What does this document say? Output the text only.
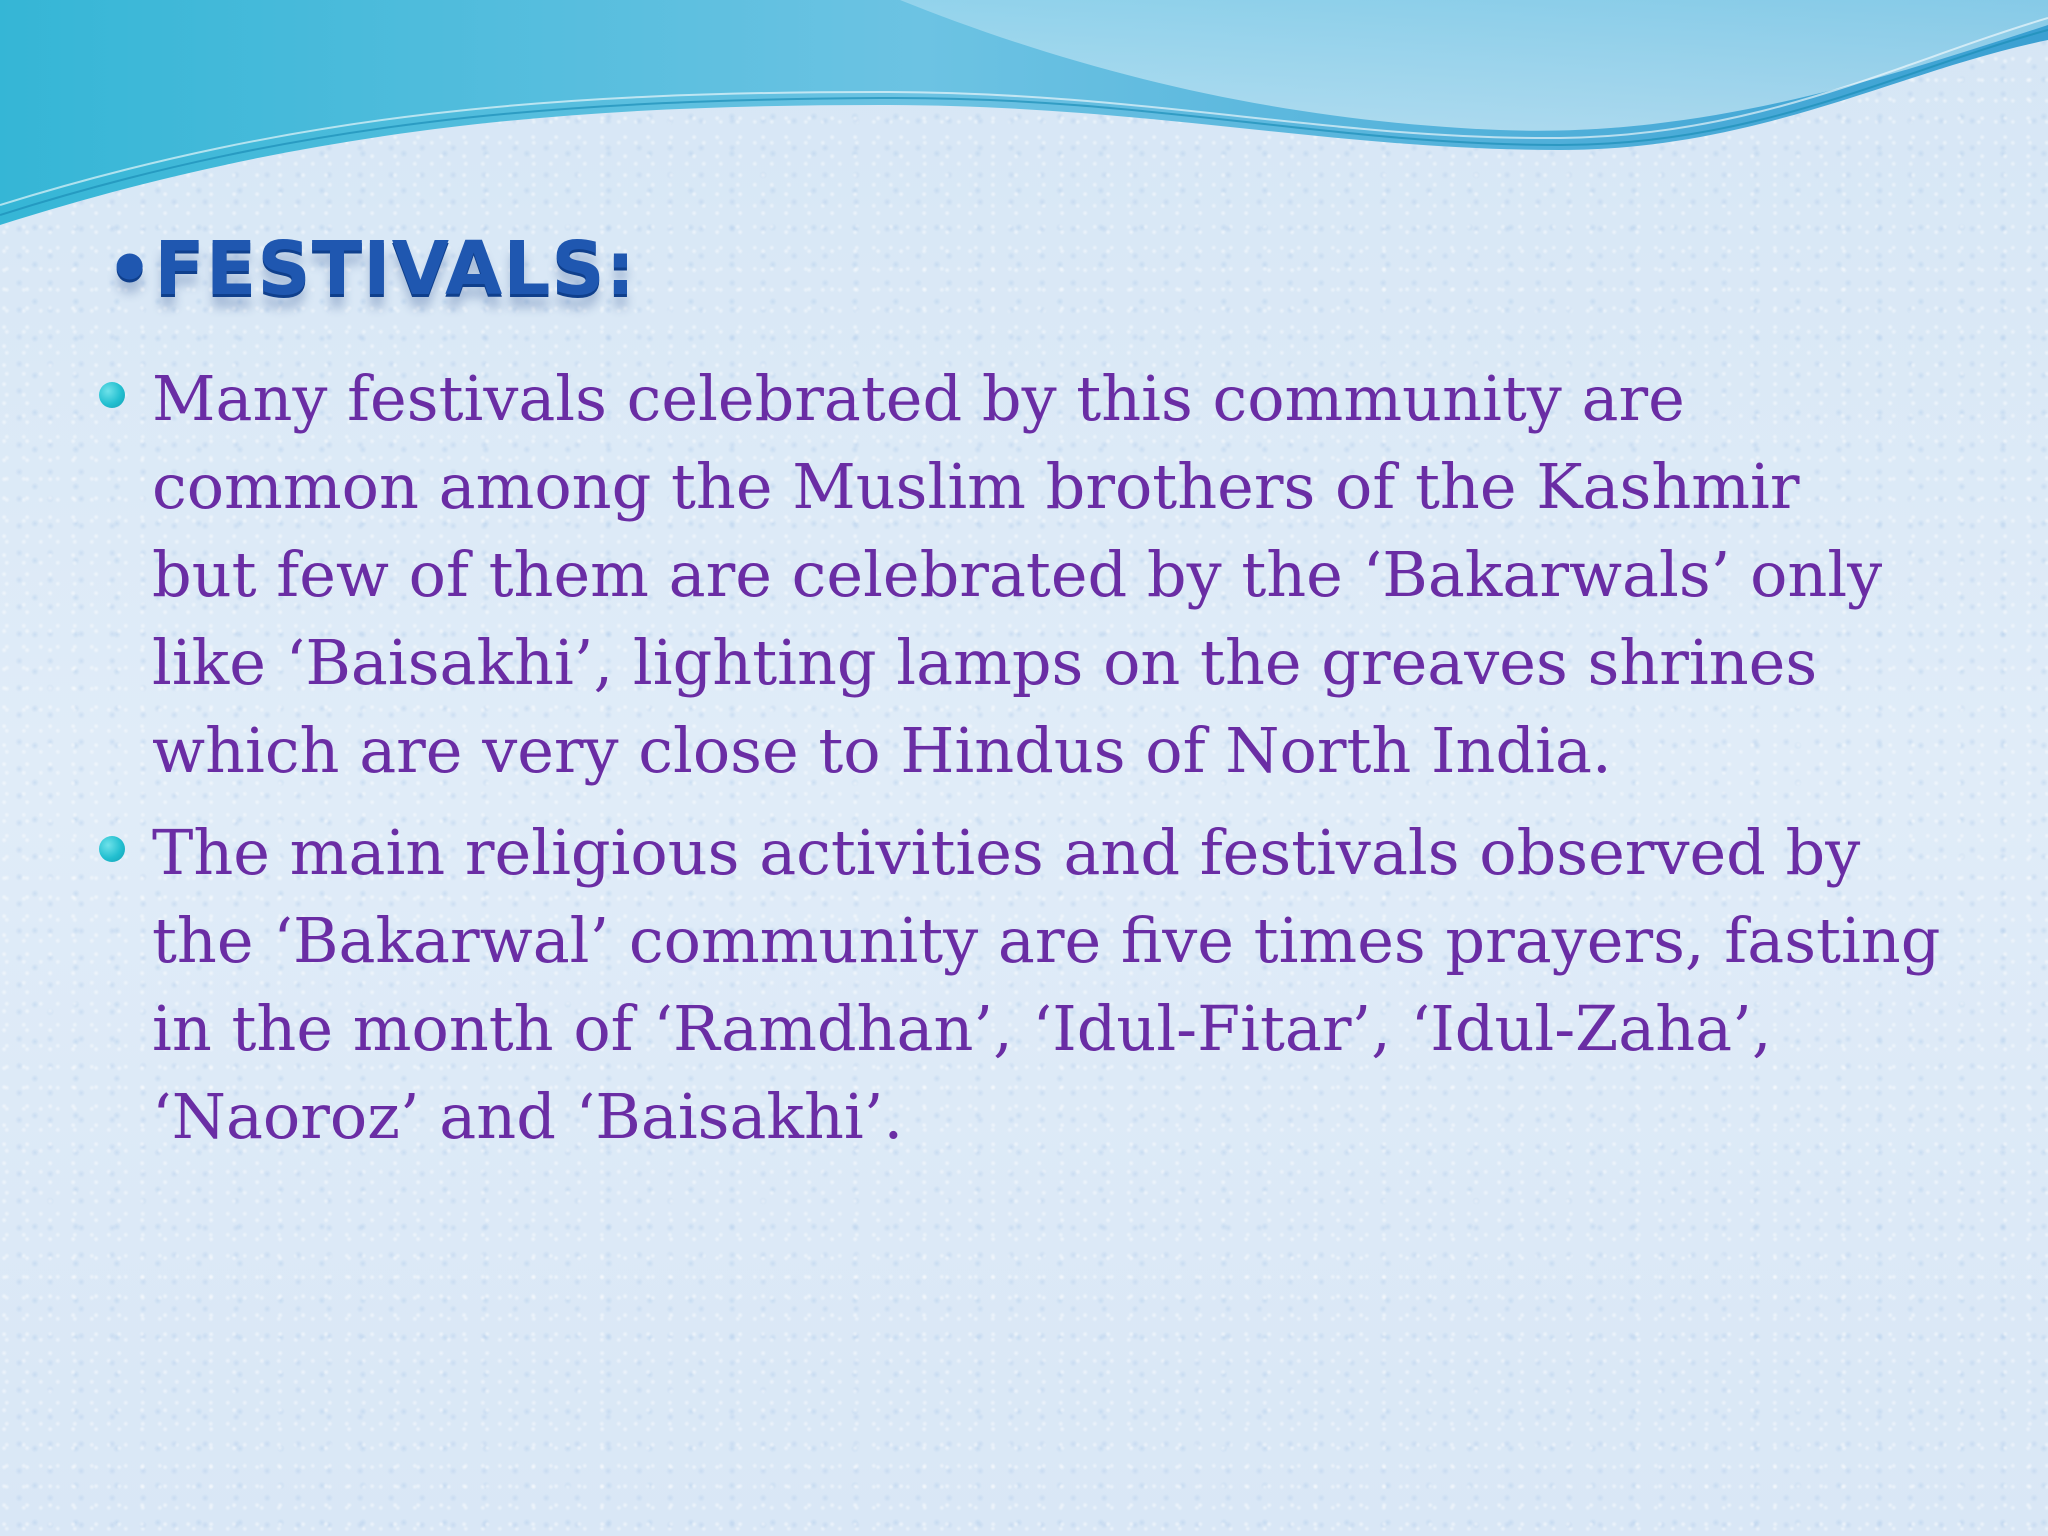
•FESTIVALS:
Many festivals celebrated by this community are
common among the Muslim brothers of the Kashmir
but few of them are celebrated by the ‘Bakarwals’ only
like ‘Baisakhi’, lighting lamps on the greaves shrines
which are very close to Hindus of North India.
The main religious activities and festivals observed by
the ‘Bakarwal’ community are five times prayers, fasting
in the month of ‘Ramdhan’, ‘Idul-Fitar’, ‘Idul-Zaha’,
‘Naoroz’ and ‘Baisakhi’.
